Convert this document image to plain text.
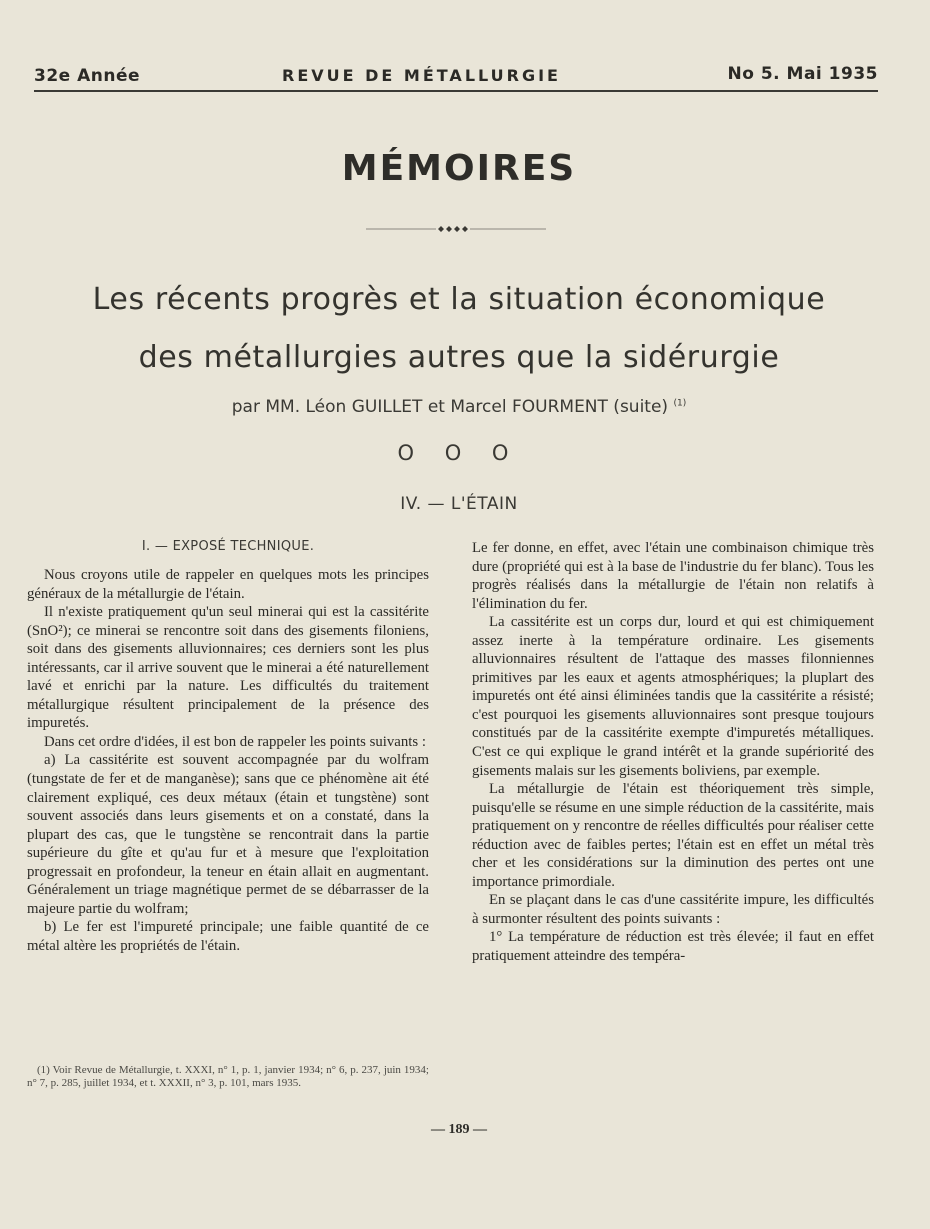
32e Année	REVUE DE MÉTALLURGIE	No 5. Mai 1935
MÉMOIRES
Les récents progrès et la situation économique
des métallurgies autres que la sidérurgie
par MM. Léon GUILLET et Marcel FOURMENT (suite) $^{(1)}$
O O O
IV. — L'ÉTAIN
I. — EXPOSÉ TECHNIQUE.

Nous croyons utile de rappeler en quelques mots les principes généraux de la métallurgie de l'étain.

Il n'existe pratiquement qu'un seul minerai qui est la cassitérite (SnO²); ce minerai se rencontre soit dans des gisements filoniens, soit dans des gisements alluvionnaires; ces derniers sont les plus intéressants, car il arrive souvent que le minerai a été naturellement lavé et enrichi par la nature. Les difficultés du traitement métallurgique résultent principalement de la présence des impuretés.

Dans cet ordre d'idées, il est bon de rappeler les points suivants :

a) La cassitérite est souvent accompagnée par du wolfram (tungstate de fer et de manganèse); sans que ce phénomène ait été clairement expliqué, ces deux métaux (étain et tungstène) sont souvent associés dans leurs gisements et on a constaté, dans la plupart des cas, que le tungstène se rencontrait dans la partie supérieure du gîte et qu'au fur et à mesure que l'exploitation progressait en profondeur, la teneur en étain allait en augmentant. Généralement un triage magnétique permet de se débarrasser de la majeure partie du wolfram;

b) Le fer est l'impureté principale; une faible quantité de ce métal altère les propriétés de l'étain.

(1) Voir Revue de Métallurgie, t. XXXI, n° 1, p. 1, janvier 1934; n° 6, p. 237, juin 1934; n° 7, p. 285, juillet 1934, et t. XXXII, n° 3, p. 101, mars 1935.

Le fer donne, en effet, avec l'étain une combinaison chimique très dure (propriété qui est à la base de l'industrie du fer blanc). Tous les progrès réalisés dans la métallurgie de l'étain non relatifs à l'élimination du fer.

La cassitérite est un corps dur, lourd et qui est chimiquement assez inerte à la température ordinaire. Les gisements alluvionnaires résultent de l'attaque des masses filonniennes primitives par les eaux et agents atmosphériques; la pluplart des impuretés ont été ainsi éliminées tandis que la cassitérite a résisté; c'est pourquoi les gisements alluvionnaires sont presque toujours constitués par de la cassitérite exempte d'impuretés métalliques. C'est ce qui explique le grand intérêt et la grande supériorité des gisements malais sur les gisements boliviens, par exemple.

La métallurgie de l'étain est théoriquement très simple, puisqu'elle se résume en une simple réduction de la cassitérite, mais pratiquement on y rencontre de réelles difficultés pour réaliser cette réduction avec de faibles pertes; l'étain est en effet un métal très cher et les considérations sur la diminution des pertes ont une importance primordiale.

En se plaçant dans le cas d'une cassitérite impure, les difficultés à surmonter résultent des points suivants :

1° La température de réduction est très élevée; il faut en effet pratiquement atteindre des tempéra-

— 189 —
